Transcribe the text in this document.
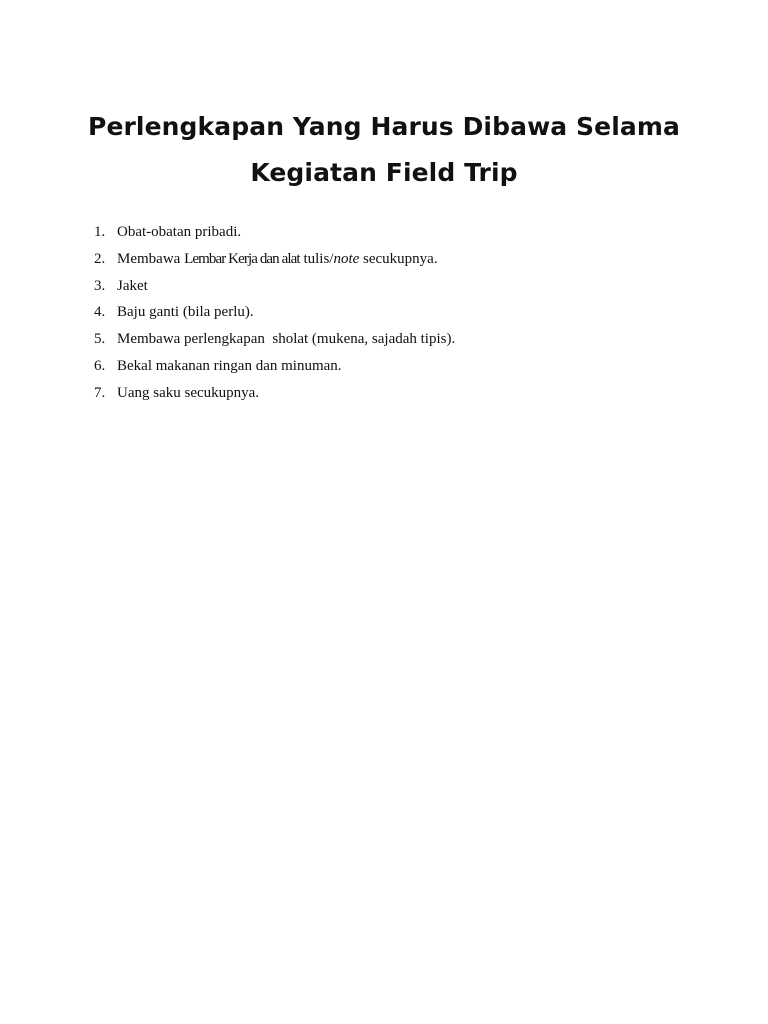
Perlengkapan Yang Harus Dibawa Selama
Kegiatan Field Trip
1. Obat-obatan pribadi.
2. Membawa Lembar Kerja dan alat tulis/note secukupnya.
3. Jaket
4. Baju ganti (bila perlu).
5. Membawa perlengkapan  sholat (mukena, sajadah tipis).
6. Bekal makanan ringan dan minuman.
7. Uang saku secukupnya.
